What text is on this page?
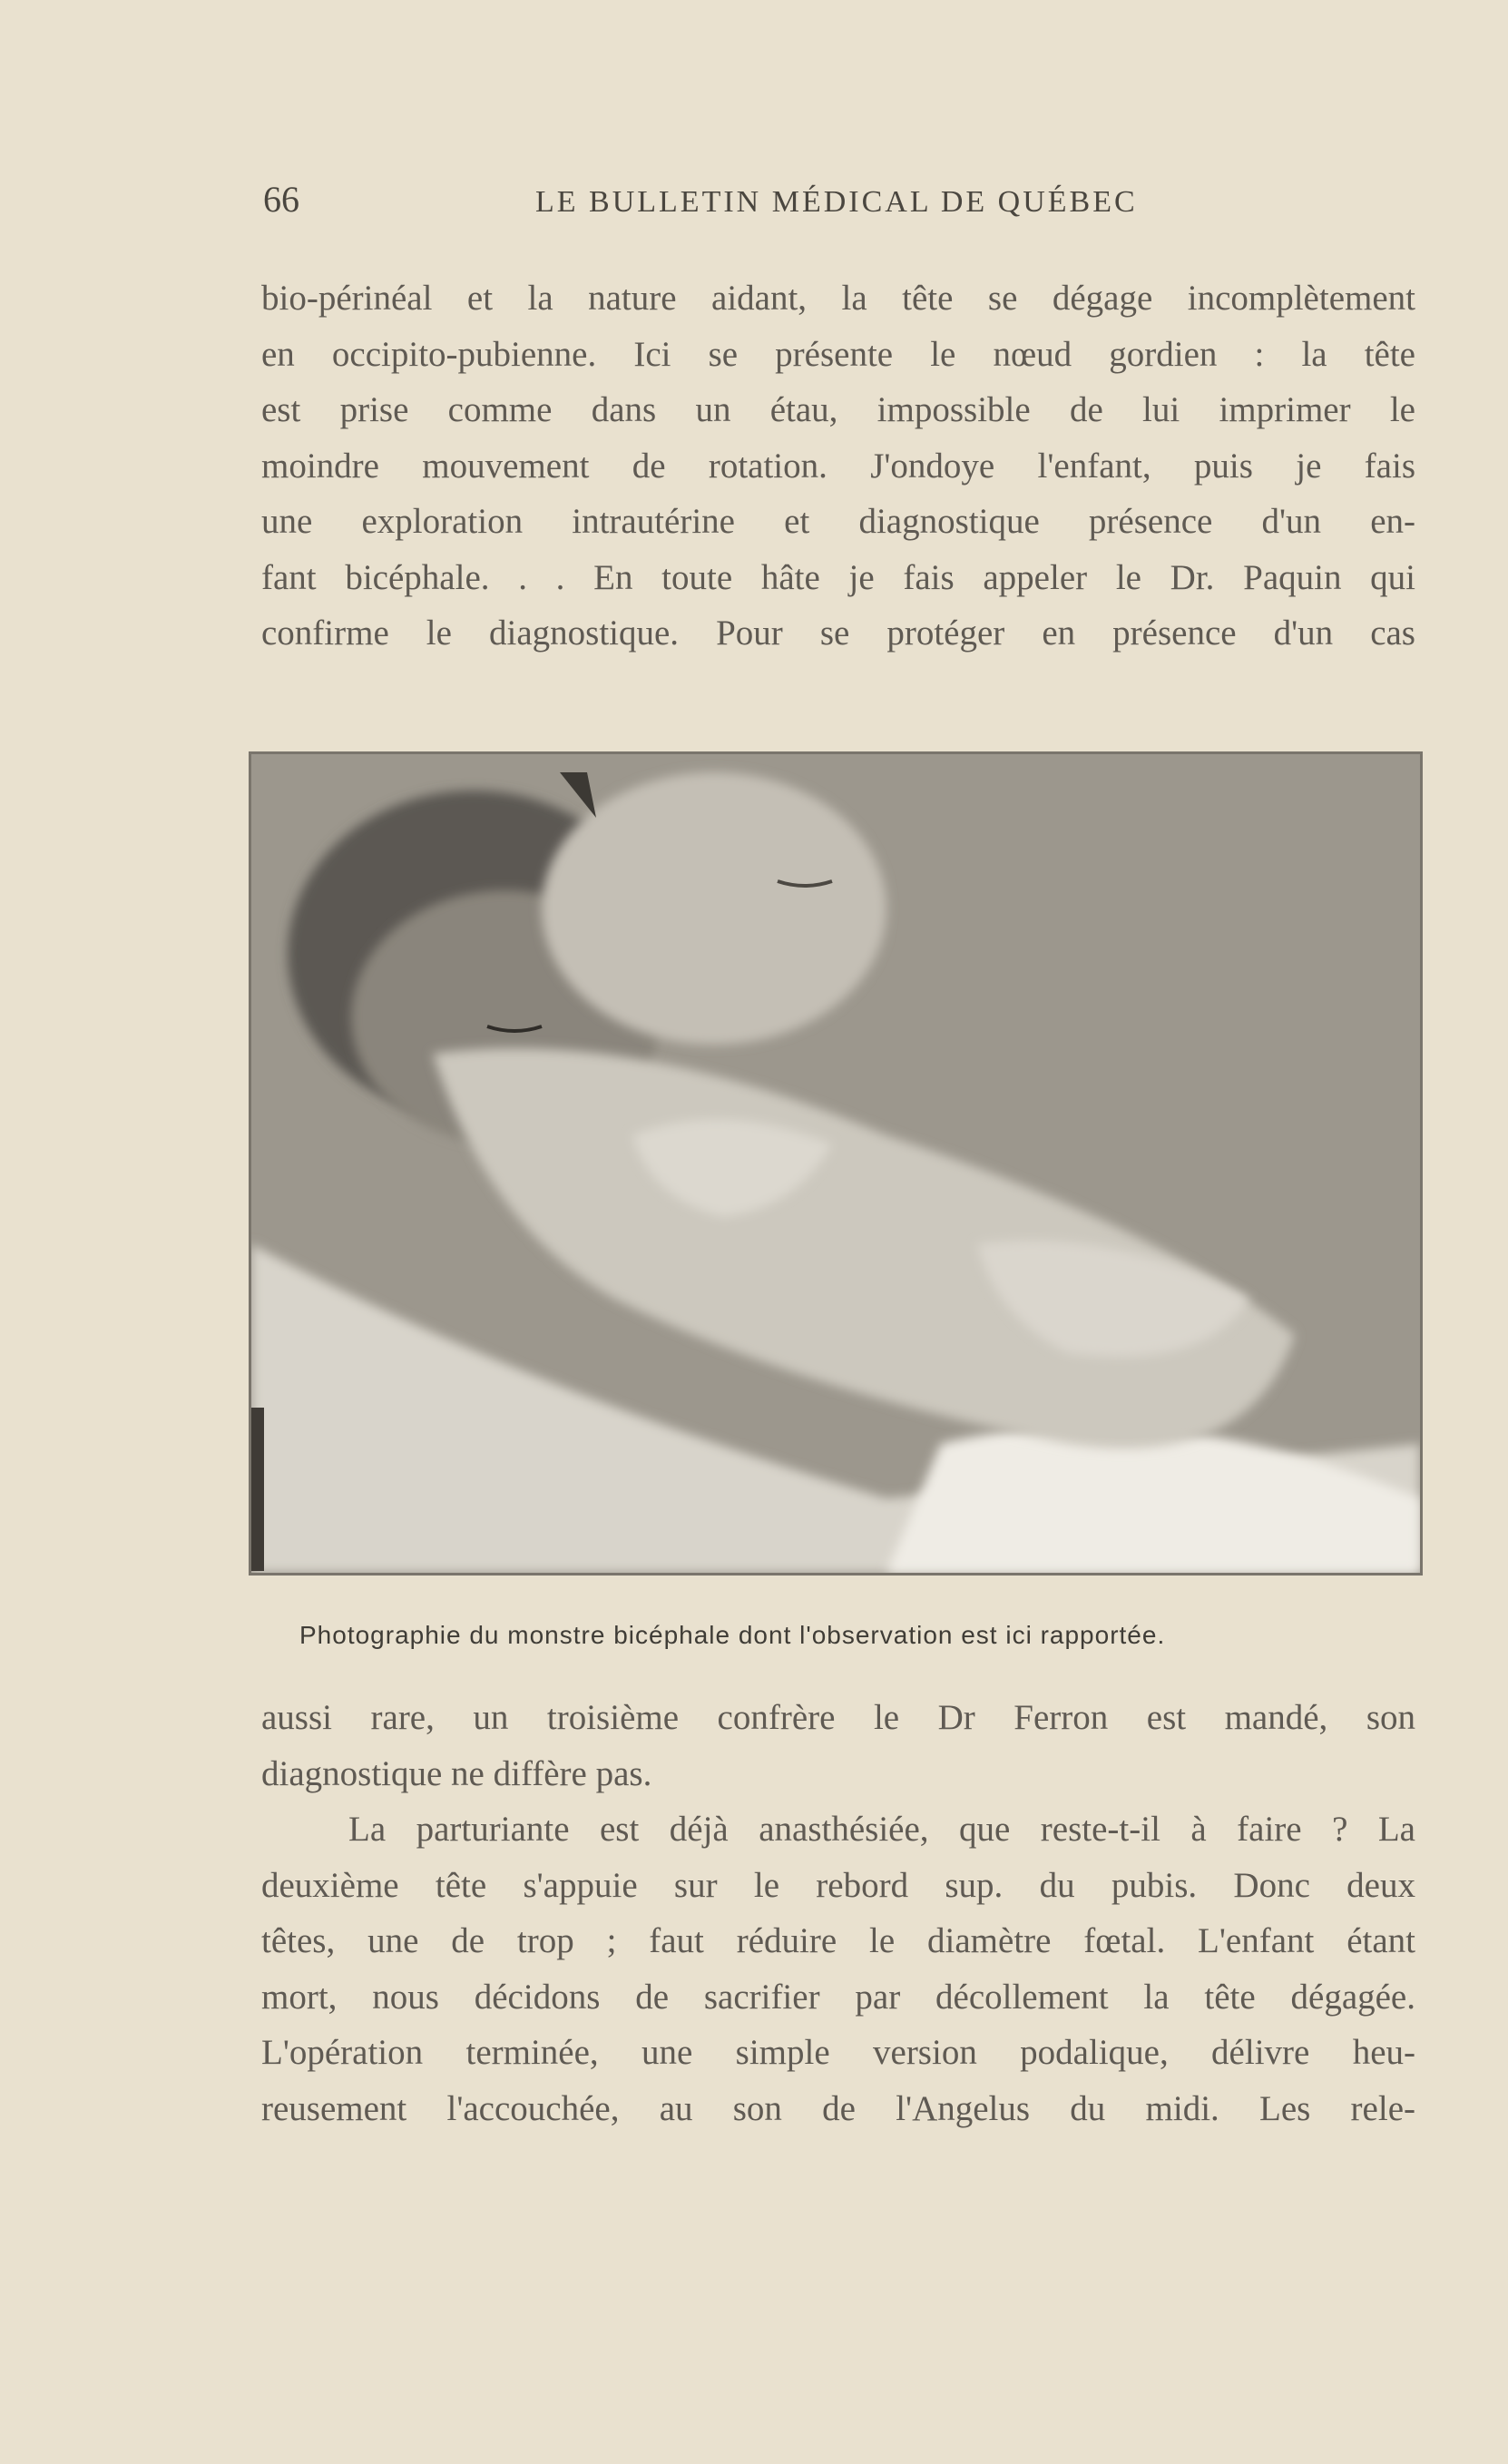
66	LE BULLETIN MÉDICAL DE QUÉBEC
bio-périnéal et la nature aidant, la tête se dégage incomplètement
en occipito-pubienne. Ici se présente le nœud gordien : la tête
est prise comme dans un étau, impossible de lui imprimer le
moindre mouvement de rotation. J'ondoye l'enfant, puis je fais
une exploration intrautérine et diagnostique présence d'un en-
fant bicéphale. . . En toute hâte je fais appeler le Dr. Paquin qui
confirme le diagnostique. Pour se protéger en présence d'un cas
Photographie du monstre bicéphale dont l'observation est ici rapportée.
aussi rare, un troisième confrère le Dr Ferron est mandé, son
diagnostique ne diffère pas.
La parturiante est déjà anasthésiée, que reste-t-il à faire ? La
deuxième tête s'appuie sur le rebord sup. du pubis. Donc deux
têtes, une de trop ; faut réduire le diamètre fœtal. L'enfant étant
mort, nous décidons de sacrifier par décollement la tête dégagée.
L'opération terminée, une simple version podalique, délivre heu-
reusement l'accouchée, au son de l'Angelus du midi. Les rele-
